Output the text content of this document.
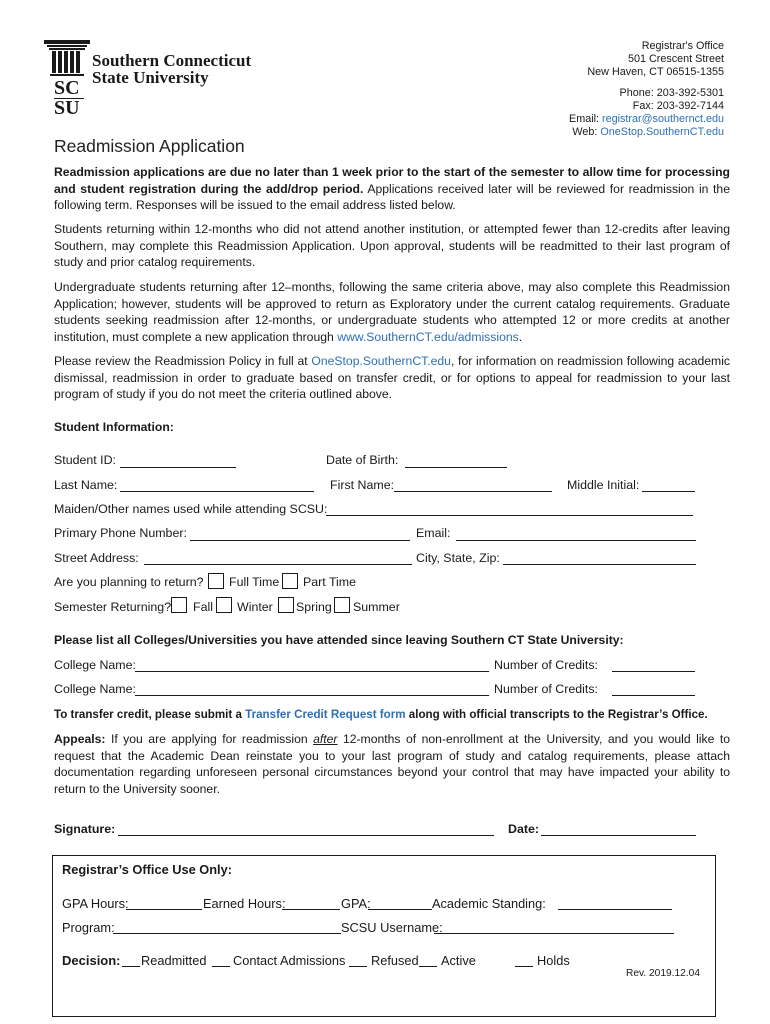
Southern Connecticut
State University
SC
SU
Registrar's Office
501 Crescent Street
New Haven, CT 06515-1355
Phone: 203-392-5301
Fax: 203-392-7144
Email: registrar@southernct.edu
Web: OneStop.SouthernCT.edu
Readmission Application
Readmission applications are due no later than 1 week prior to the start of the semester to allow time for processing and student registration during the add/drop period. Applications received later will be reviewed for readmission in the following term. Responses will be issued to the email address listed below.
Students returning within 12-months who did not attend another institution, or attempted fewer than 12-credits after leaving Southern, may complete this Readmission Application. Upon approval, students will be readmitted to their last program of study and prior catalog requirements.
Undergraduate students returning after 12–months, following the same criteria above, may also complete this Readmission Application; however, students will be approved to return as Exploratory under the current catalog requirements. Graduate students seeking readmission after 12-months, or undergraduate students who attempted 12 or more credits at another institution, must complete a new application through www.SouthernCT.edu/admissions.
Please review the Readmission Policy in full at OneStop.SouthernCT.edu, for information on readmission following academic dismissal, readmission in order to graduate based on transfer credit, or for options to appeal for readmission to your last program of study if you do not meet the criteria outlined above.
Student Information:
Student ID:	Date of Birth:
Last Name:	First Name:	Middle Initial:
Maiden/Other names used while attending SCSU:
Primary Phone Number:	Email:
Street Address:	City, State, Zip:
Are you planning to return? Full Time Part Time
Semester Returning? Fall Winter Spring Summer
Please list all Colleges/Universities you have attended since leaving Southern CT State University:
College Name:	Number of Credits:
College Name:	Number of Credits:
To transfer credit, please submit a Transfer Credit Request form along with official transcripts to the Registrar’s Office.
Appeals: If you are applying for readmission after 12-months of non-enrollment at the University, and you would like to request that the Academic Dean reinstate you to your last program of study and catalog requirements, please attach documentation regarding unforeseen personal circumstances beyond your control that may have impacted your ability to return to the University sooner.
Signature:	Date:
Registrar’s Office Use Only:
GPA Hours:	Earned Hours:	GPA:	Academic Standing:
Program:	SCSU Username:
Decision: Readmitted Contact Admissions Refused Active	Holds
Rev. 2019.12.04
